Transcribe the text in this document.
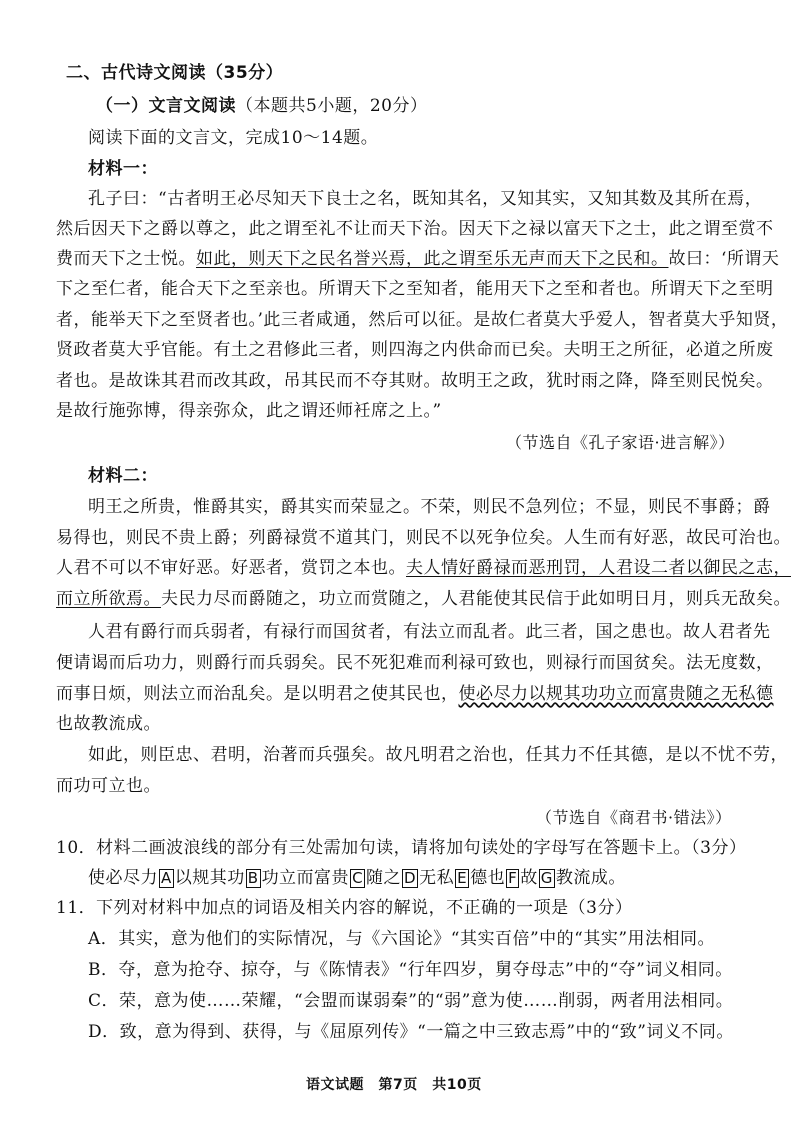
二、古代诗文阅读（35分）
（一）文言文阅读（本题共5小题，20分）
阅读下面的文言文，完成10～14题。
材料一：
孔子曰：“古者明王必尽知天下良士之名，既知其名，又知其实，又知其数及其所在焉，
然后因天下之爵以尊之，此之谓至礼不让而天下治。因天下之禄以富天下之士，此之谓至赏不
费而天下之士悦。如此，则天下之民名誉兴焉，此之谓至乐无声而天下之民和。故曰：‘所谓天
下之至仁者，能合天下之至亲也。所谓天下之至知者，能用天下之至和者也。所谓天下之至明
者，能举天下之至贤者也。’此三者咸通，然后可以征。是故仁者莫大乎爱人，智者莫大乎知贤，
贤政者莫大乎官能。有土之君修此三者，则四海之内供命而已矣。夫明王之所征，必道之所废
者也。是故诛其君而改其政，吊其民而不夺其财。故明王之政，犹时雨之降，降至则民悦矣。
是故行施弥博，得亲弥众，此之谓还师衽席之上。”
（节选自《孔子家语·进言解》）
材料二：
明王之所贵，惟爵其实，爵其实而荣显之。不荣，则民不急列位；不显，则民不事爵；爵
易得也，则民不贵上爵；列爵禄赏不道其门，则民不以死争位矣。人生而有好恶，故民可治也。
人君不可以不审好恶。好恶者，赏罚之本也。夫人情好爵禄而恶刑罚，人君设二者以御民之志，
而立所欲焉。夫民力尽而爵随之，功立而赏随之，人君能使其民信于此如明日月，则兵无敌矣。
人君有爵行而兵弱者，有禄行而国贫者，有法立而乱者。此三者，国之患也。故人君者先
便请谒而后功力，则爵行而兵弱矣。民不死犯难而利禄可致也，则禄行而国贫矣。法无度数，
而事日烦，则法立而治乱矣。是以明君之使其民也，使必尽力以规其功功立而富贵随之无私德
也故教流成。
如此，则臣忠、君明，治著而兵强矣。故凡明君之治也，任其力不任其德，是以不忧不劳，
而功可立也。
（节选自《商君书·错法》）
10．材料二画波浪线的部分有三处需加句读，请将加句读处的字母写在答题卡上。（3分）
使必尽力 A 以规其功 B 功立而富贵 C 随之 D 无私 E 德也 F 故 G 教流成。
11．下列对材料中加点的词语及相关内容的解说，不正确的一项是（3分）
A．其实，意为他们的实际情况，与《六国论》“其实百倍”中的“其实”用法相同。
B．夺，意为抢夺、掠夺，与《陈情表》“行年四岁，舅夺母志”中的“夺”词义相同。
C．荣，意为使……荣耀，“会盟而谋弱秦”的“弱”意为使……削弱，两者用法相同。
D．致，意为得到、获得，与《屈原列传》“一篇之中三致志焉”中的“致”词义不同。
语文试题　第7页　共10页
